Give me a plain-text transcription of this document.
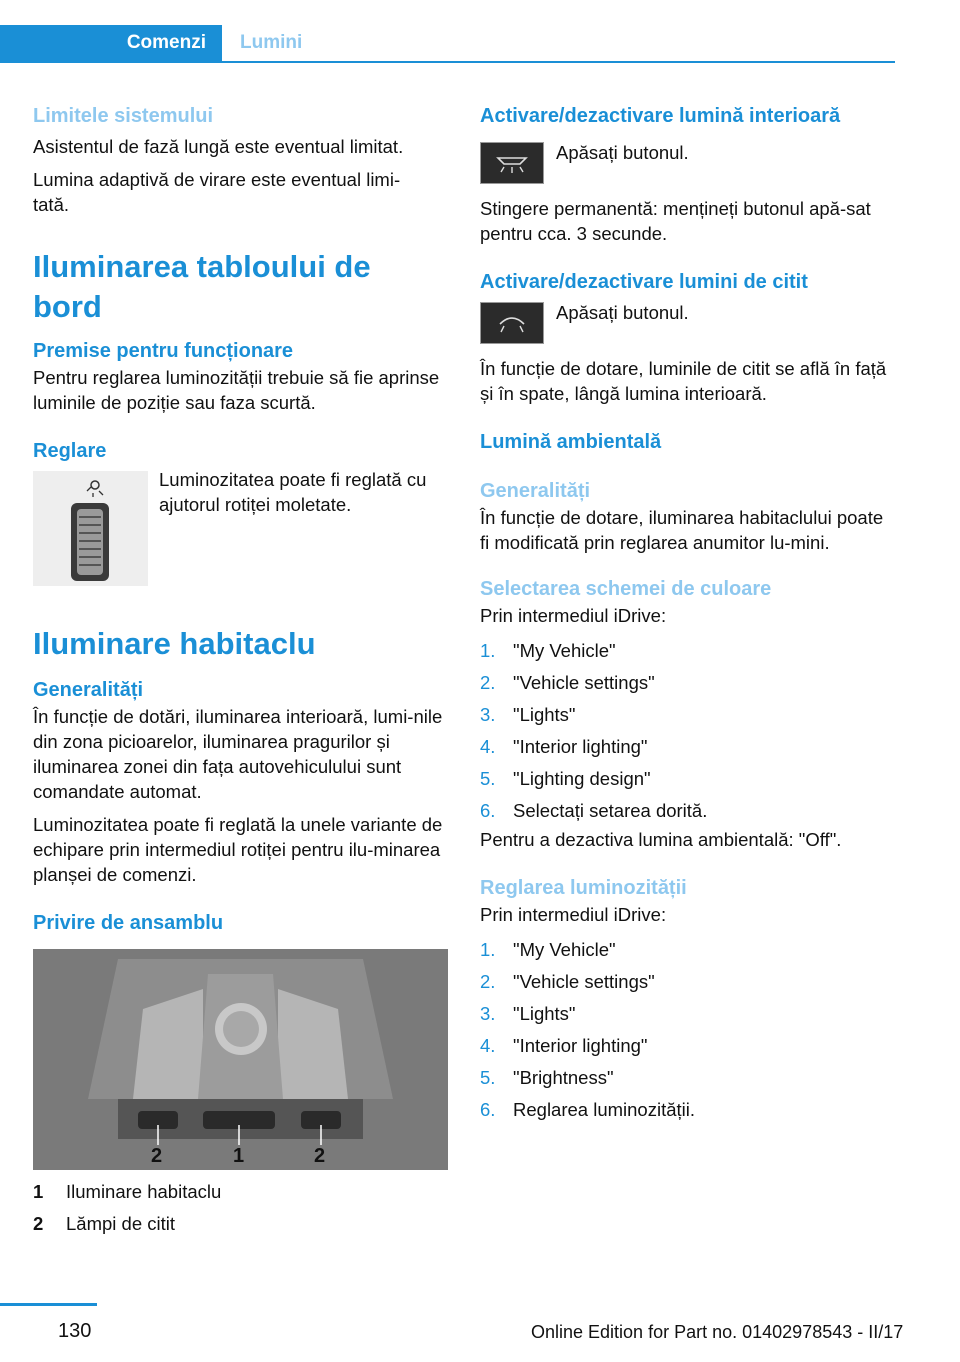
Comenzi	Lumini
Limitele sistemului

Asistentul de fază lungă este eventual limitat.

Lumina adaptivă de virare este eventual limi‐tată.

Iluminarea tabloului de bord
Premise pentru funcționare

Pentru reglarea luminozității trebuie să fie aprinse luminile de poziție sau faza scurtă.

Reglare

Luminozitatea poate fi reglată cu ajutorul rotiței moletate.

Iluminare habitaclu
Generalități

În funcție de dotări, iluminarea interioară, lumi‐nile din zona picioarelor, iluminarea pragurilor și iluminarea zonei din fața autovehiculului sunt comandate automat.

Luminozitatea poate fi reglată la unele variante de echipare prin intermediul rotiței pentru ilu‐minarea planșei de comenzi.

Privire de ansamblu
2	1	2
1	Iluminare habitaclu
2	Lămpi de citit
Activare/dezactivare lumină interioară

Apăsați butonul.

Stingere permanentă: mențineți butonul apă‐sat pentru cca. 3 secunde.

Activare/dezactivare lumini de citit

Apăsați butonul.

În funcție de dotare, luminile de citit se află în față și în spate, lângă lumina interioară.

Lumină ambientală
Generalități

În funcție de dotare, iluminarea habitaclului poate fi modificată prin reglarea anumitor lu‐mini.

Selectarea schemei de culoare

Prin intermediul iDrive:

1. "My Vehicle"
2. "Vehicle settings"
3. "Lights"
4. "Interior lighting"
5. "Lighting design"
6. Selectați setarea dorită.

Pentru a dezactiva lumina ambientală: "Off".

Reglarea luminozității

Prin intermediul iDrive:

1. "My Vehicle"
2. "Vehicle settings"
3. "Lights"
4. "Interior lighting"
5. "Brightness"
6. Reglarea luminozității.
130	Online Edition for Part no. 01402978543 - II/17
